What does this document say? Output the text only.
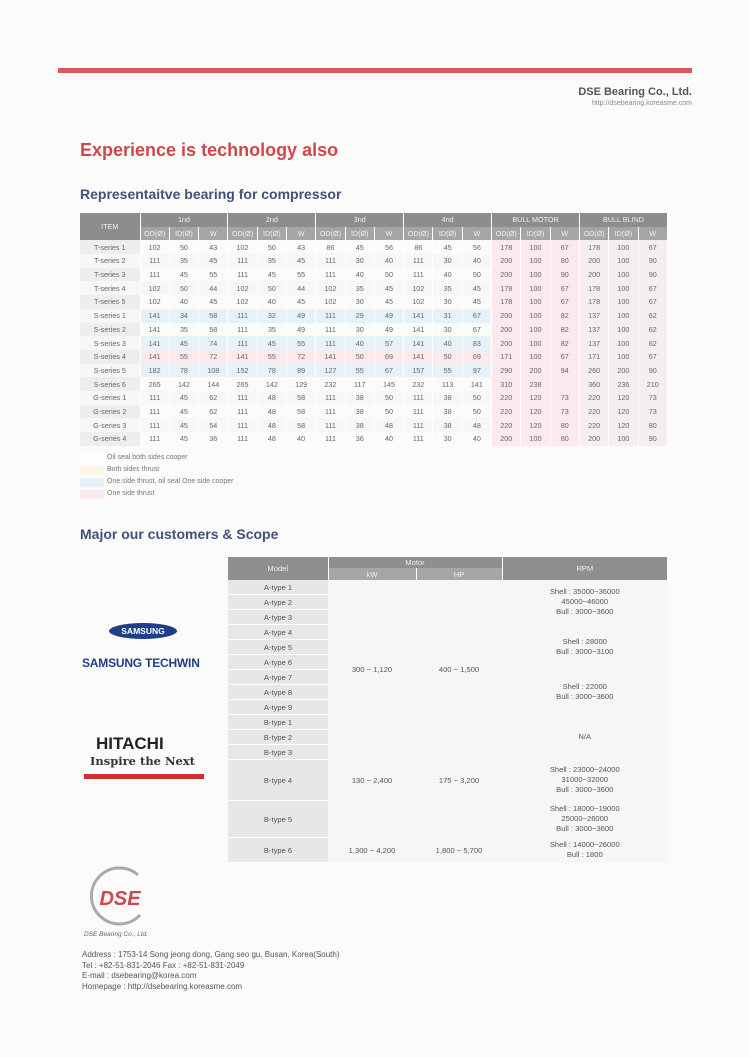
DSE Bearing Co., Ltd.
http://dsebearing.koreasme.com
Experience is technology also
Representaitve bearing for compressor
ITEM	1nd			2nd			3nd			4nd			BULL MOTOR			BULL BLIND		
	OD(Ø)	ID(Ø)	W	OD(Ø)	ID(Ø)	W	OD(Ø)	ID(Ø)	W	OD(Ø)	ID(Ø)	W	OD(Ø)	ID(Ø)	W	OD(Ø)	ID(Ø)	W
T-series 1	102	50	43	102	50	43	86	45	56	86	45	56	178	100	67	178	100	67
T-series 2	111	35	45	111	35	45	111	30	40	111	30	40	200	100	80	200	100	90
T-series 3	111	45	55	111	45	55	111	40	50	111	40	50	200	100	90	200	100	90
T-series 4	102	50	44	102	50	44	102	35	45	102	35	45	178	100	67	178	100	67
T-series 5	102	40	45	102	40	45	102	30	45	102	30	45	178	100	67	178	100	67
S-series 1	141	34	58	111	32	49	111	29	49	141	31	67	200	100	82	137	100	62
S-series 2	141	35	58	111	35	49	111	30	49	141	30	67	200	100	82	137	100	62
S-series 3	141	45	74	111	45	55	111	40	57	141	40	83	200	100	82	137	100	62
S-series 4	141	55	72	141	55	72	141	50	69	141	50	69	171	100	67	171	100	67
S-series 5	182	78	108	152	78	89	127	55	67	157	55	97	290	200	94	260	200	90
S-series 6	265	142	144	265	142	129	232	117	145	232	113	141	310	238		360	236	210
G-series 1	111	45	62	111	48	58	111	38	50	111	38	50	220	120	73	220	120	73
G-series 2	111	45	62	111	48	58	111	38	50	111	38	50	220	120	73	220	120	73
G-series 3	111	45	54	111	48	58	111	38	48	111	38	48	220	120	80	220	120	80
G-series 4	111	45	36	111	48	40	111	36	40	111	30	40	200	100	80	200	100	90
Oil seal both sides cooper
Both sides thrust
One side thrust, oil seal One side cooper
One side thrust
Major our customers & Scope
SAMSUNG
SAMSUNG TECHWIN
HITACHI
Inspire the Next
Model	Motor		RPM
	kW	HP	
A-type 1	300 ~ 1,120	400 ~ 1,500	Shell : 35000~36000
45000~46000
Bull : 3000~3600

A-type 2			
A-type 3			
A-type 4			Shell : 28000
Bull : 3000~3100

A-type 5			
A-type 6			
A-type 7			Shell : 22000
Bull : 3000~3600

A-type 8			
A-type 9			
B-type 1			N/A
B-type 2			
B-type 3			
B-type 4	130 ~ 2,400	175 ~ 3,200	Shell : 23000~24000
31000~32000
Bull : 3000~3600

B-type 5			Shell : 18000~19000
25000~26000
Bull : 3000~3600

B-type 6	1,300 ~ 4,200	1,800 ~ 5,700	Shell : 14000~26000
Bull : 1800
DSE
DSE Bearing Co., Ltd.
Address : 1753-14 Song jeong dong, Gang seo gu, Busan, Korea(South)
Tel : +82-51-831-2046 Fax : +82-51-831-2049
E-mail : dsebearing@korea.com
Homepage : http://dsebearing.koreasme.com
